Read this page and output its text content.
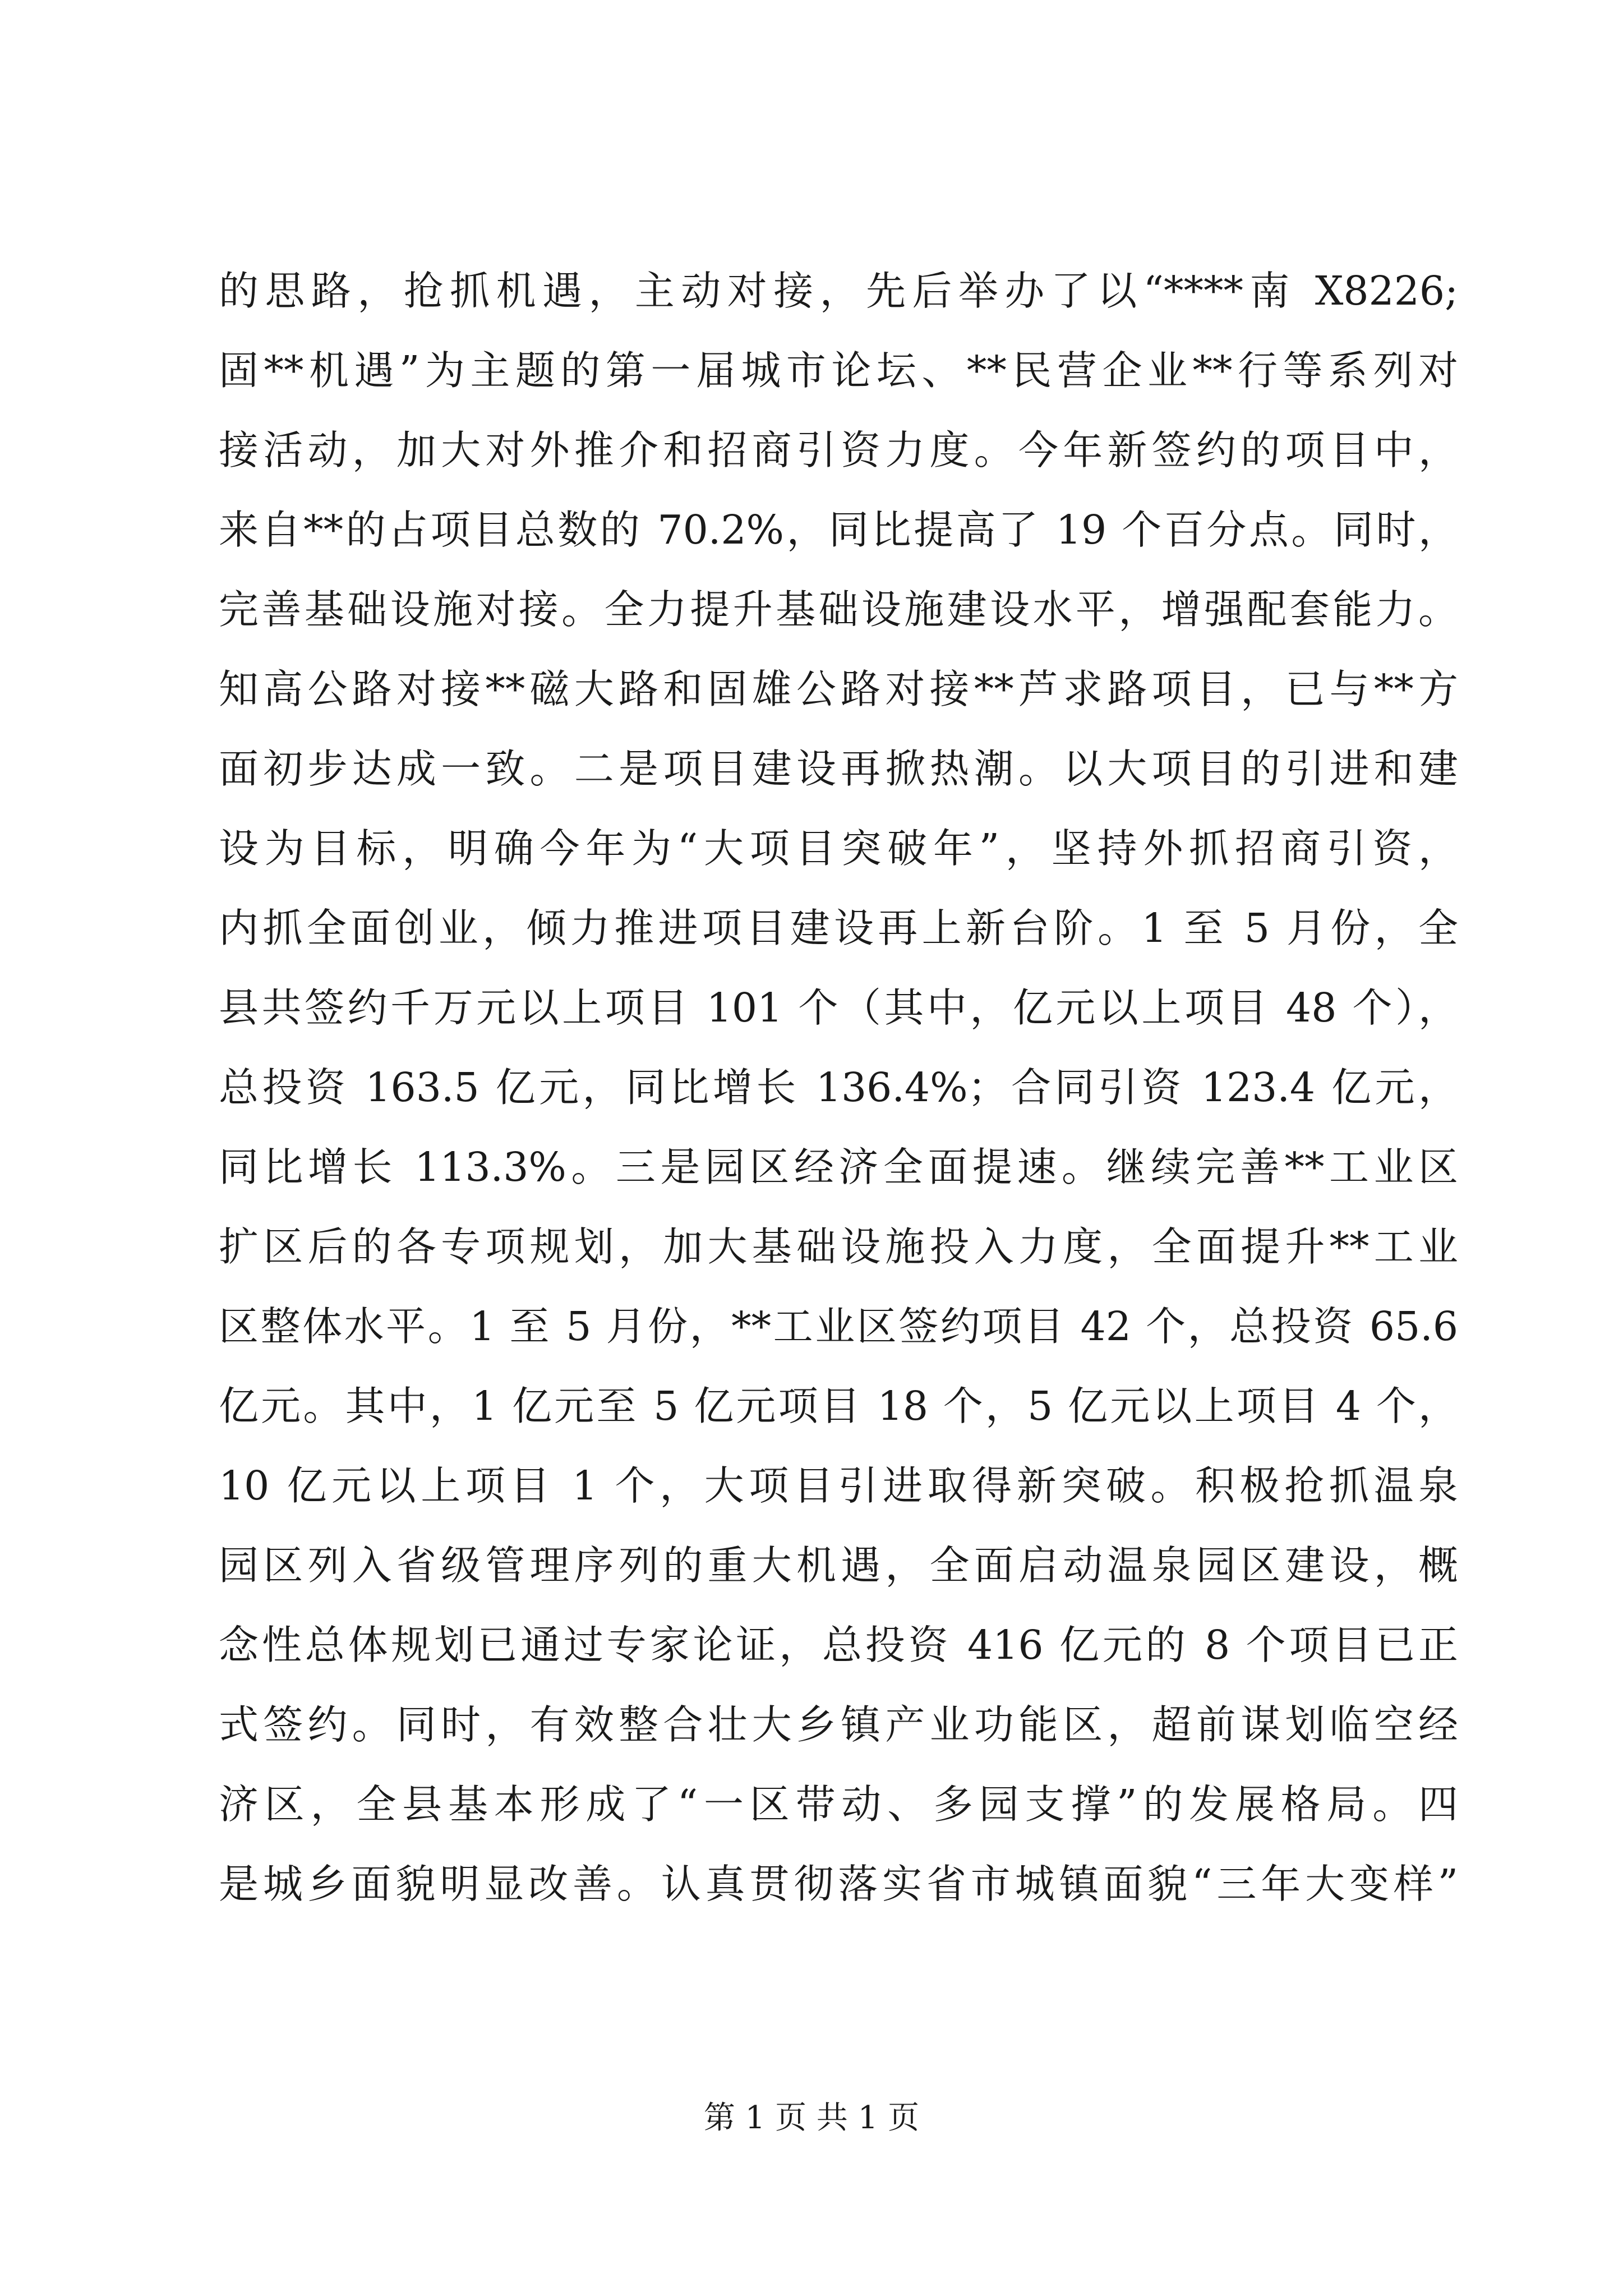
的思路，抢抓机遇，主动对接，先后举办了以“****南 X8226;
固**机遇”为主题的第一届城市论坛、**民营企业**行等系列对
接活动，加大对外推介和招商引资力度。今年新签约的项目中，
来自**的占项目总数的 70.2%，同比提高了 19 个百分点。同时，
完善基础设施对接。全力提升基础设施建设水平，增强配套能力。
知高公路对接**磁大路和固雄公路对接**芦求路项目，已与**方
面初步达成一致。二是项目建设再掀热潮。以大项目的引进和建
设为目标，明确今年为“大项目突破年”，坚持外抓招商引资，
内抓全面创业，倾力推进项目建设再上新台阶。1 至 5 月份，全
县共签约千万元以上项目 101 个（其中，亿元以上项目 48 个），
总投资 163.5 亿元，同比增长 136.4%；合同引资 123.4 亿元，
同比增长 113.3%。三是园区经济全面提速。继续完善**工业区
扩区后的各专项规划，加大基础设施投入力度，全面提升**工业
区整体水平。1 至 5 月份，**工业区签约项目 42 个，总投资 65.6
亿元。其中，1 亿元至 5 亿元项目 18 个，5 亿元以上项目 4 个，
10 亿元以上项目 1 个，大项目引进取得新突破。积极抢抓温泉
园区列入省级管理序列的重大机遇，全面启动温泉园区建设，概
念性总体规划已通过专家论证，总投资 416 亿元的 8 个项目已正
式签约。同时，有效整合壮大乡镇产业功能区，超前谋划临空经
济区，全县基本形成了“一区带动、多园支撑”的发展格局。四
是城乡面貌明显改善。认真贯彻落实省市城镇面貌“三年大变样”
第 1 页 共 1 页
